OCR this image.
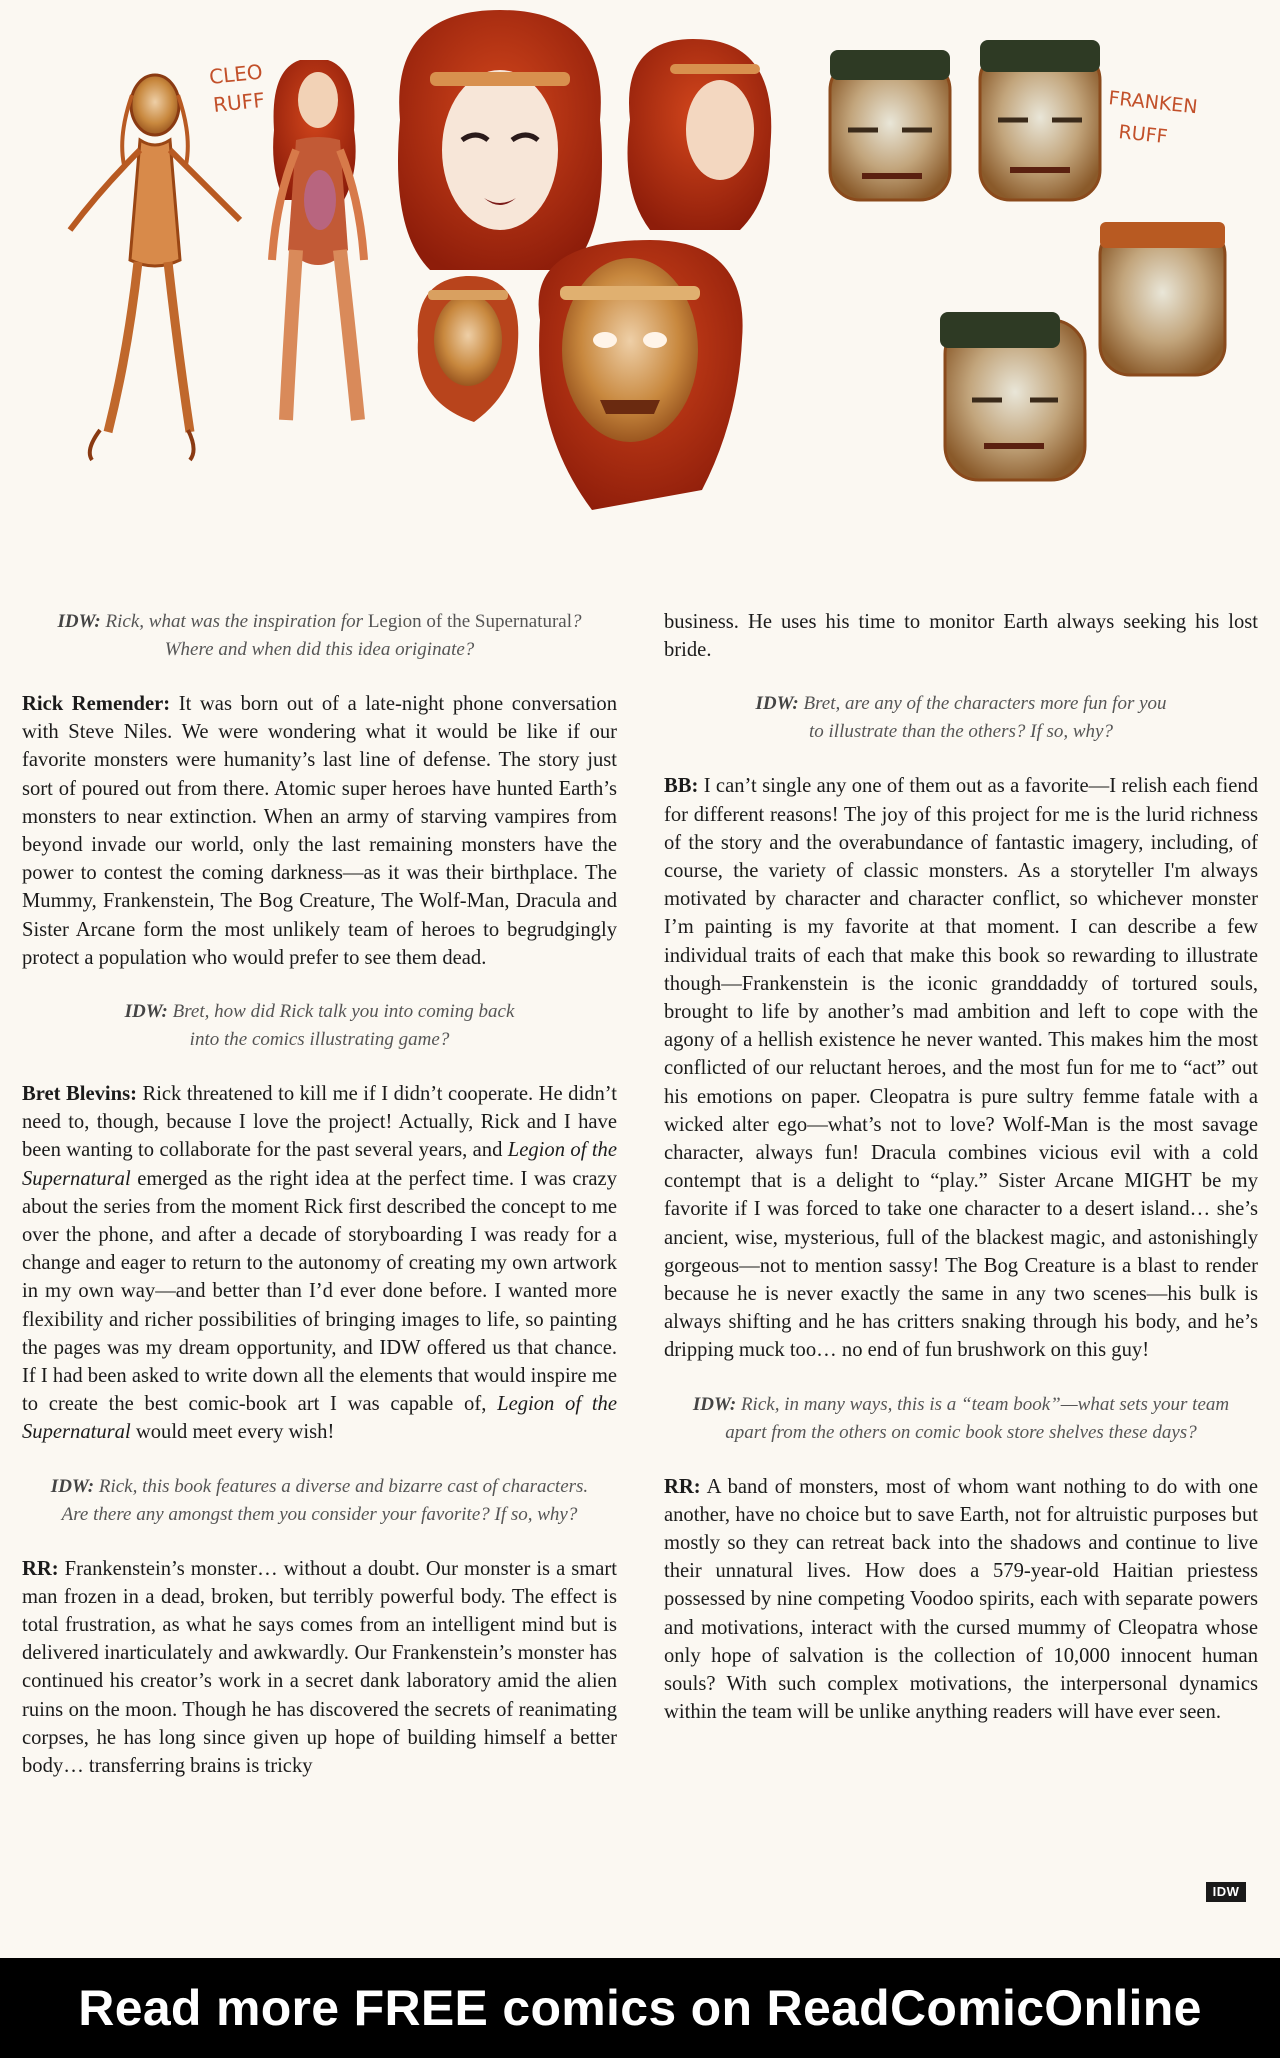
CLEO
RUFF	FRANKEN
RUFF

IDW: Rick, what was the inspiration for Legion of the Supernatural?
Where and when did this idea originate?

Rick Remender: It was born out of a late-night phone conversation with Steve Niles. We were wondering what it would be like if our favorite monsters were humanity’s last line of defense. The story just sort of poured out from there. Atomic super heroes have hunted Earth’s monsters to near extinction. When an army of starving vampires from beyond invade our world, only the last remaining monsters have the power to contest the coming darkness—as it was their birthplace. The Mummy, Frankenstein, The Bog Creature, The Wolf-Man, Dracula and Sister Arcane form the most unlikely team of heroes to begrudgingly protect a population who would prefer to see them dead.

IDW: Bret, how did Rick talk you into coming back
into the comics illustrating game?

Bret Blevins: Rick threatened to kill me if I didn’t cooperate. He didn’t need to, though, because I love the project! Actually, Rick and I have been wanting to collaborate for the past several years, and Legion of the Supernatural emerged as the right idea at the perfect time. I was crazy about the series from the moment Rick first described the concept to me over the phone, and after a decade of storyboarding I was ready for a change and eager to return to the autonomy of creating my own artwork in my own way—and better than I’d ever done before. I wanted more flexibility and richer possibilities of bringing images to life, so painting the pages was my dream opportunity, and IDW offered us that chance. If I had been asked to write down all the elements that would inspire me to create the best comic-book art I was capable of, Legion of the Supernatural would meet every wish!

IDW: Rick, this book features a diverse and bizarre cast of characters.
Are there any amongst them you consider your favorite? If so, why?

RR: Frankenstein’s monster… without a doubt. Our monster is a smart man frozen in a dead, broken, but terribly powerful body. The effect is total frustration, as what he says comes from an intelligent mind but is delivered inarticulately and awkwardly. Our Frankenstein’s monster has continued his creator’s work in a secret dank laboratory amid the alien ruins on the moon. Though he has discovered the secrets of reanimating corpses, he has long since given up hope of building himself a better body… transferring brains is tricky

business. He uses his time to monitor Earth always seeking his lost bride.

IDW: Bret, are any of the characters more fun for you
to illustrate than the others? If so, why?

BB: I can’t single any one of them out as a favorite—I relish each fiend for different reasons! The joy of this project for me is the lurid richness of the story and the overabundance of fantastic imagery, including, of course, the variety of classic monsters. As a storyteller I'm always motivated by character and character conflict, so whichever monster I’m painting is my favorite at that moment. I can describe a few individual traits of each that make this book so rewarding to illustrate though—Frankenstein is the iconic granddaddy of tortured souls, brought to life by another’s mad ambition and left to cope with the agony of a hellish existence he never wanted. This makes him the most conflicted of our reluctant heroes, and the most fun for me to “act” out his emotions on paper. Cleopatra is pure sultry femme fatale with a wicked alter ego—what’s not to love? Wolf-Man is the most savage character, always fun! Dracula combines vicious evil with a cold contempt that is a delight to “play.” Sister Arcane MIGHT be my favorite if I was forced to take one character to a desert island… she’s ancient, wise, mysterious, full of the blackest magic, and astonishingly gorgeous—not to mention sassy! The Bog Creature is a blast to render because he is never exactly the same in any two scenes—his bulk is always shifting and he has critters snaking through his body, and he’s dripping muck too… no end of fun brushwork on this guy!

IDW: Rick, in many ways, this is a “team book”—what sets your team
apart from the others on comic book store shelves these days?

RR: A band of monsters, most of whom want nothing to do with one another, have no choice but to save Earth, not for altruistic purposes but mostly so they can retreat back into the shadows and continue to live their unnatural lives. How does a 579-year-old Haitian priestess possessed by nine competing Voodoo spirits, each with separate powers and motivations, interact with the cursed mummy of Cleopatra whose only hope of salvation is the collection of 10,000 innocent human souls? With such complex motivations, the interpersonal dynamics within the team will be unlike anything readers will have ever seen.

IDW
Read more FREE comics on ReadComicOnline
